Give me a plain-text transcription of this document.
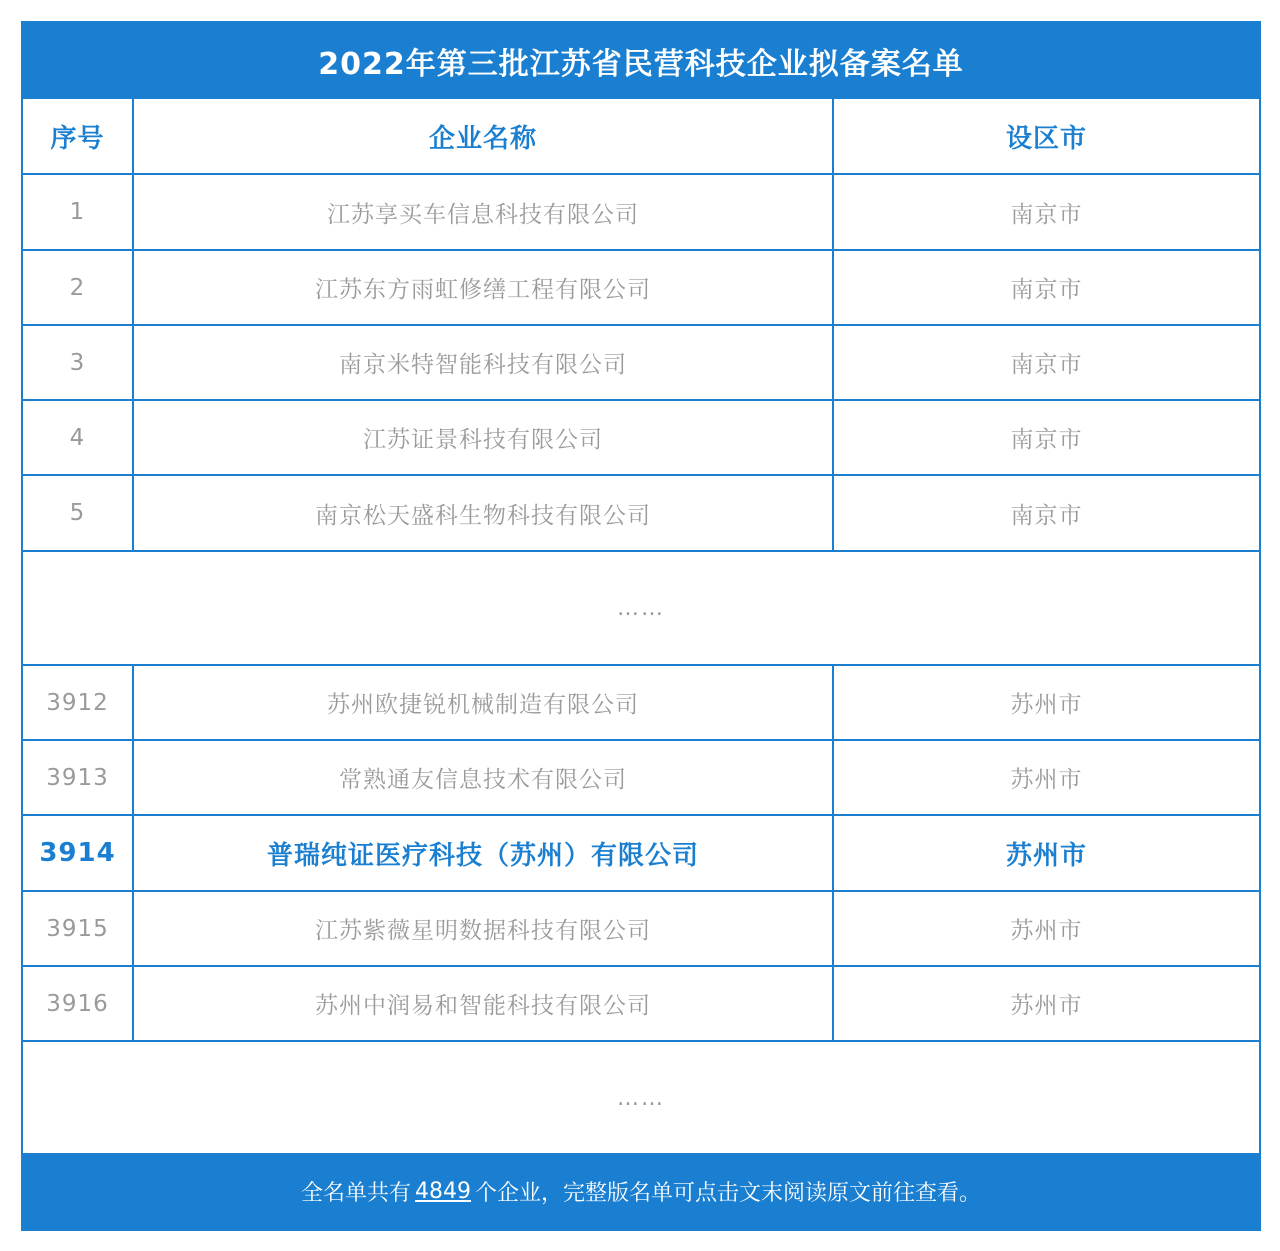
2022年第三批江苏省民营科技企业拟备案名单
序号	企业名称	设区市
1	江苏享买车信息科技有限公司	南京市
2	江苏东方雨虹修缮工程有限公司	南京市
3	南京米特智能科技有限公司	南京市
4	江苏证景科技有限公司	南京市
5	南京松天盛科生物科技有限公司	南京市
……
3912	苏州欧捷锐机械制造有限公司	苏州市
3913	常熟通友信息技术有限公司	苏州市
3914	普瑞纯证医疗科技（苏州）有限公司	苏州市
3915	江苏紫薇星明数据科技有限公司	苏州市
3916	苏州中润易和智能科技有限公司	苏州市
……
全名单共有 4849 个企业，完整版名单可点击文末阅读原文前往查看。
